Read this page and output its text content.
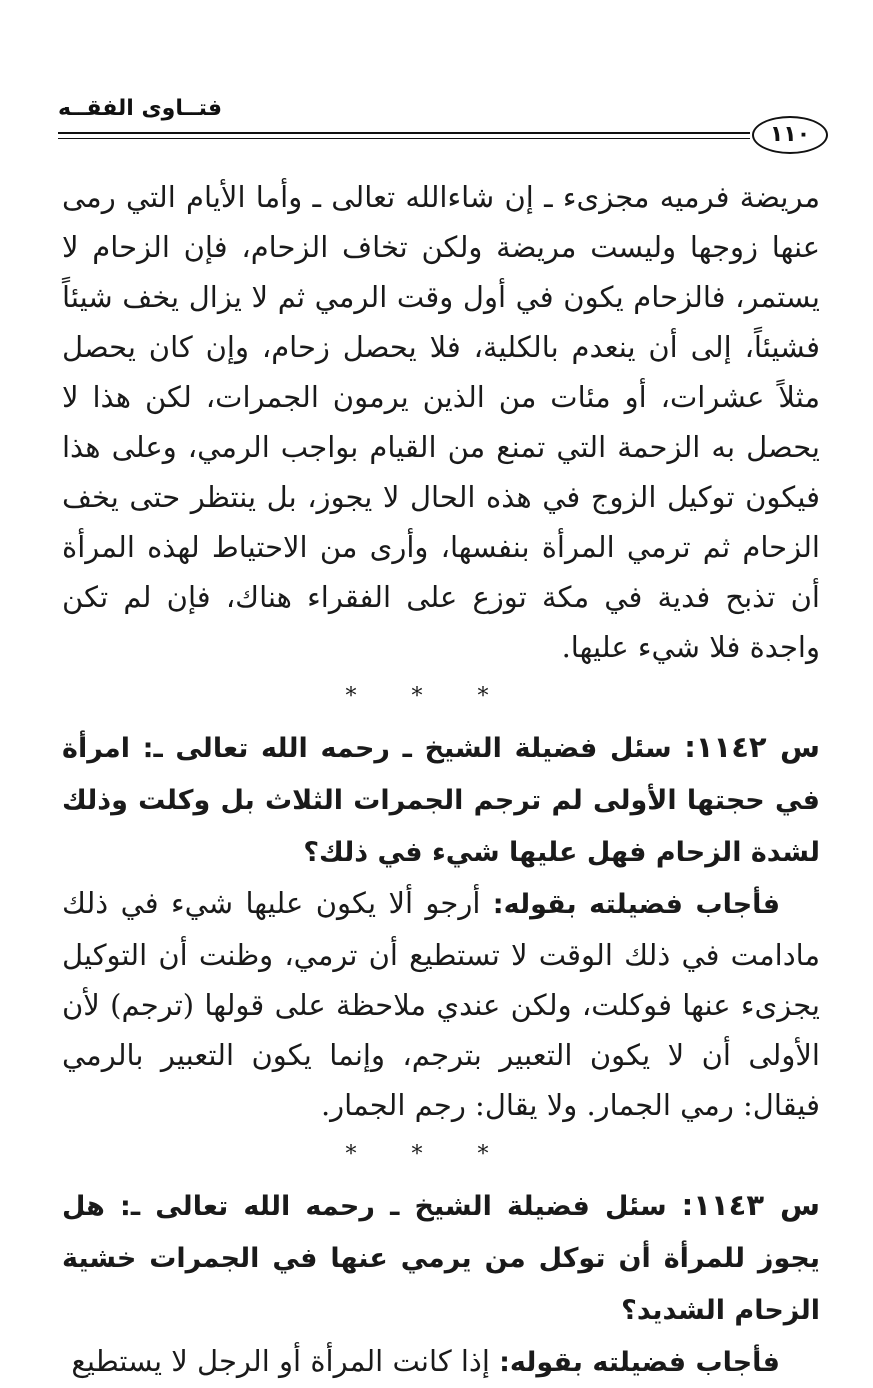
فتــاوى الفقــه
١١٠

مريضة فرميه مجزىء ـ إن شاءالله تعالى ـ وأما الأيام التي رمى عنها زوجها وليست مريضة ولكن تخاف الزحام، فإن الزحام لا يستمر، فالزحام يكون في أول وقت الرمي ثم لا يزال يخف شيئاً فشيئاً، إلى أن ينعدم بالكلية، فلا يحصل زحام، وإن كان يحصل مثلاً عشرات، أو مئات من الذين يرمون الجمرات، لكن هذا لا يحصل به الزحمة التي تمنع من القيام بواجب الرمي، وعلى هذا فيكون توكيل الزوج في هذه الحال لا يجوز، بل ينتظر حتى يخف الزحام ثم ترمي المرأة بنفسها، وأرى من الاحتياط لهذه المرأة أن تذبح فدية في مكة توزع على الفقراء هناك، فإن لم تكن واجدة فلا شيء عليها.

* * *

س ١١٤٢: سئل فضيلة الشيخ ـ رحمه الله تعالى ـ: امرأة في حجتها الأولى لم ترجم الجمرات الثلاث بل وكلت وذلك لشدة الزحام فهل عليها شيء في ذلك؟

فأجاب فضيلته بقوله: أرجو ألا يكون عليها شيء في ذلك مادامت في ذلك الوقت لا تستطيع أن ترمي، وظنت أن التوكيل يجزىء عنها فوكلت، ولكن عندي ملاحظة على قولها (ترجم) لأن الأولى أن لا يكون التعبير بترجم، وإنما يكون التعبير بالرمي فيقال: رمي الجمار. ولا يقال: رجم الجمار.

* * *

س ١١٤٣: سئل فضيلة الشيخ ـ رحمه الله تعالى ـ: هل يجوز للمرأة أن توكل من يرمي عنها في الجمرات خشية الزحام الشديد؟

فأجاب فضيلته بقوله: إذا كانت المرأة أو الرجل لا يستطيع
